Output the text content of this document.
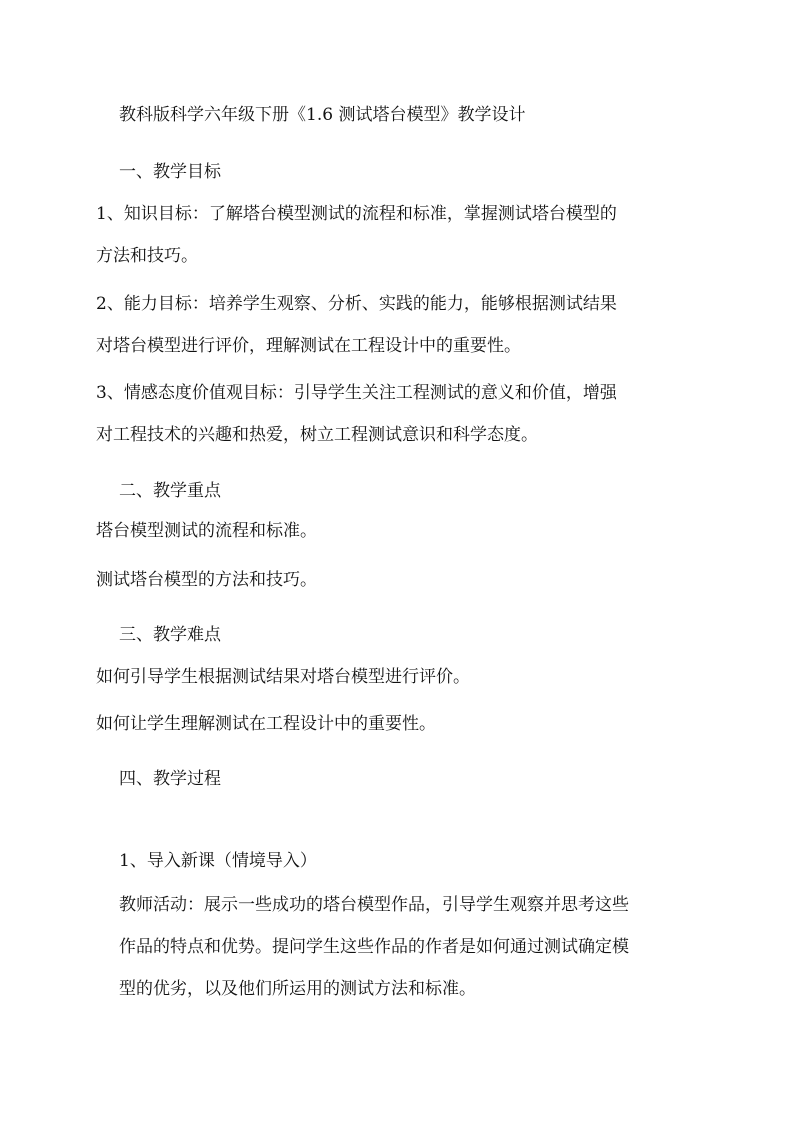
教科版科学六年级下册《1.6 测试塔台模型》教学设计
一、教学目标
1、知识目标：了解塔台模型测试的流程和标准，掌握测试塔台模型的
方法和技巧。
2、能力目标：培养学生观察、分析、实践的能力，能够根据测试结果
对塔台模型进行评价，理解测试在工程设计中的重要性。
3、情感态度价值观目标：引导学生关注工程测试的意义和价值，增强
对工程技术的兴趣和热爱，树立工程测试意识和科学态度。
二、教学重点
塔台模型测试的流程和标准。
测试塔台模型的方法和技巧。
三、教学难点
如何引导学生根据测试结果对塔台模型进行评价。
如何让学生理解测试在工程设计中的重要性。
四、教学过程
1、导入新课（情境导入）
教师活动：展示一些成功的塔台模型作品，引导学生观察并思考这些
作品的特点和优势。提问学生这些作品的作者是如何通过测试确定模
型的优劣，以及他们所运用的测试方法和标准。
